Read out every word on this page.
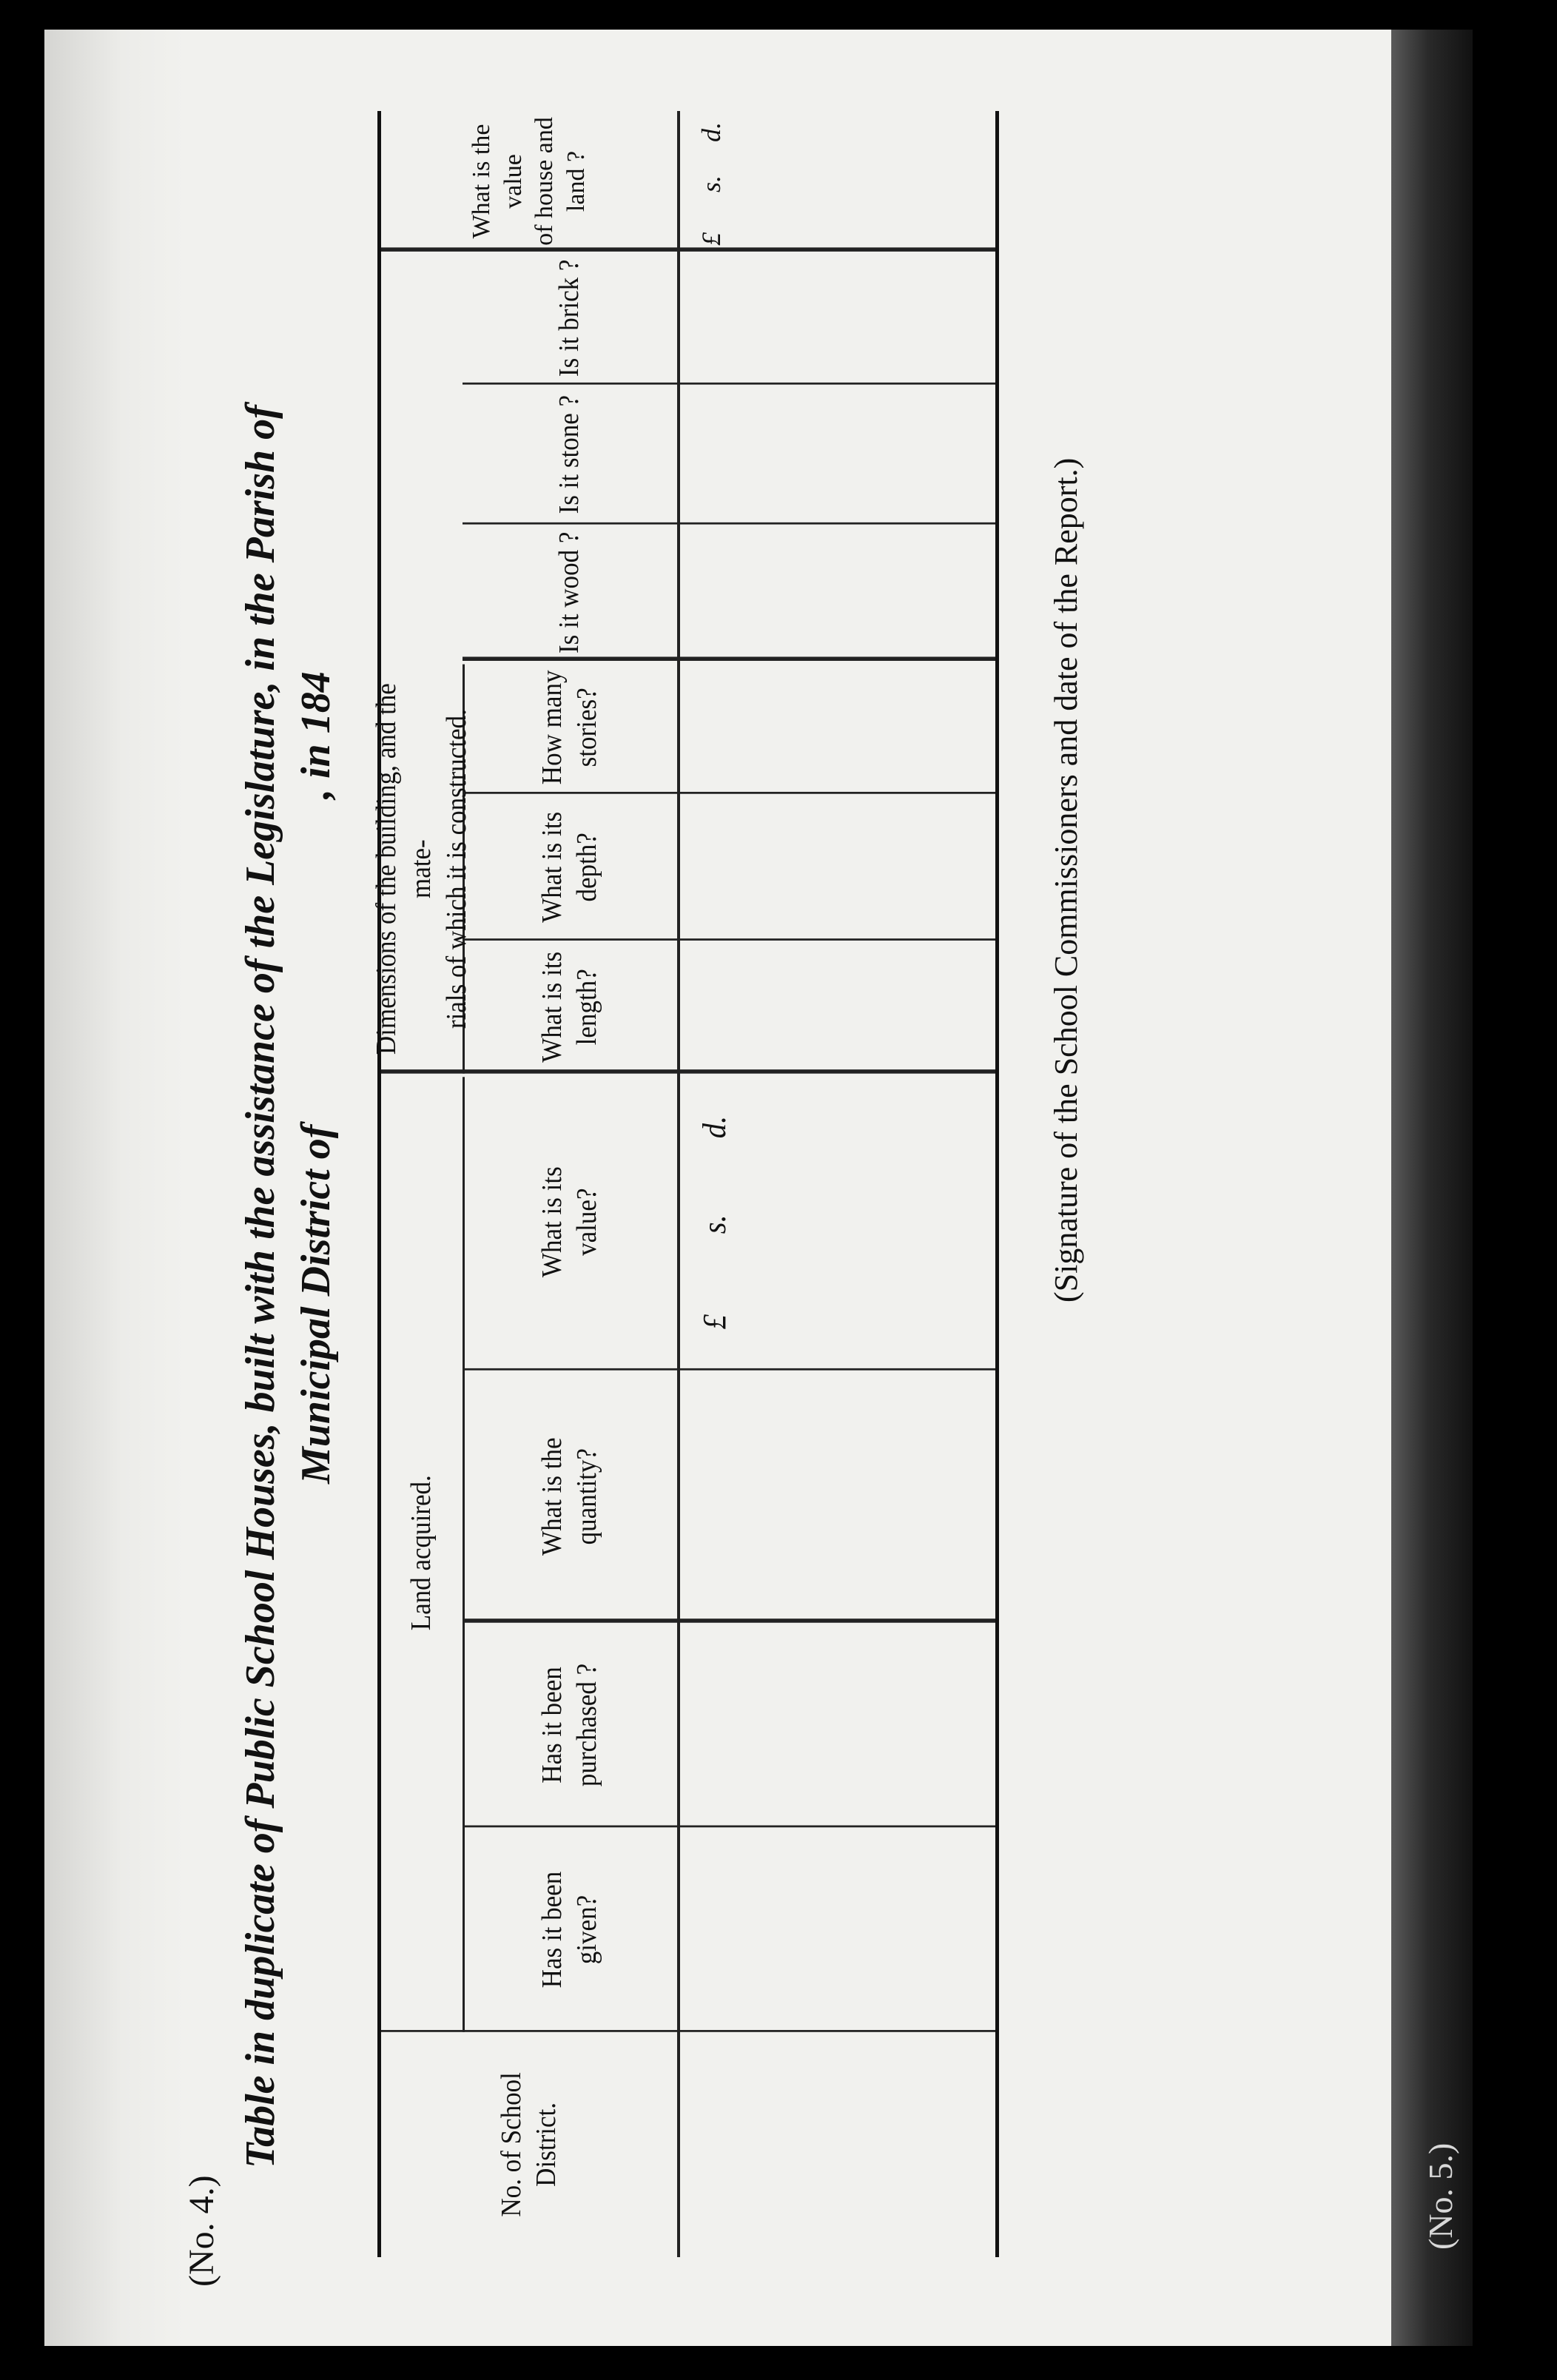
(No. 5.)
(No. 4.)
Table in duplicate of Public School Houses, built with the assistance of the Legislature, in the Parish of Municipal District of
, in 184
No. of School District.
Land acquired.
Has it been given?
Has it been purchased ?
What is the quantity?
What is its value?
Dimensions of the building, and the mate- rials of which it is constructed. What is its length?
What is its depth?
How many stories?
Is it wood ?
Is it stone ?
Is it brick ?
£
s.
d.	(Signature of the School Commissioners and date of the Report.)
What is the value of house and land ?
£
s.
d.
